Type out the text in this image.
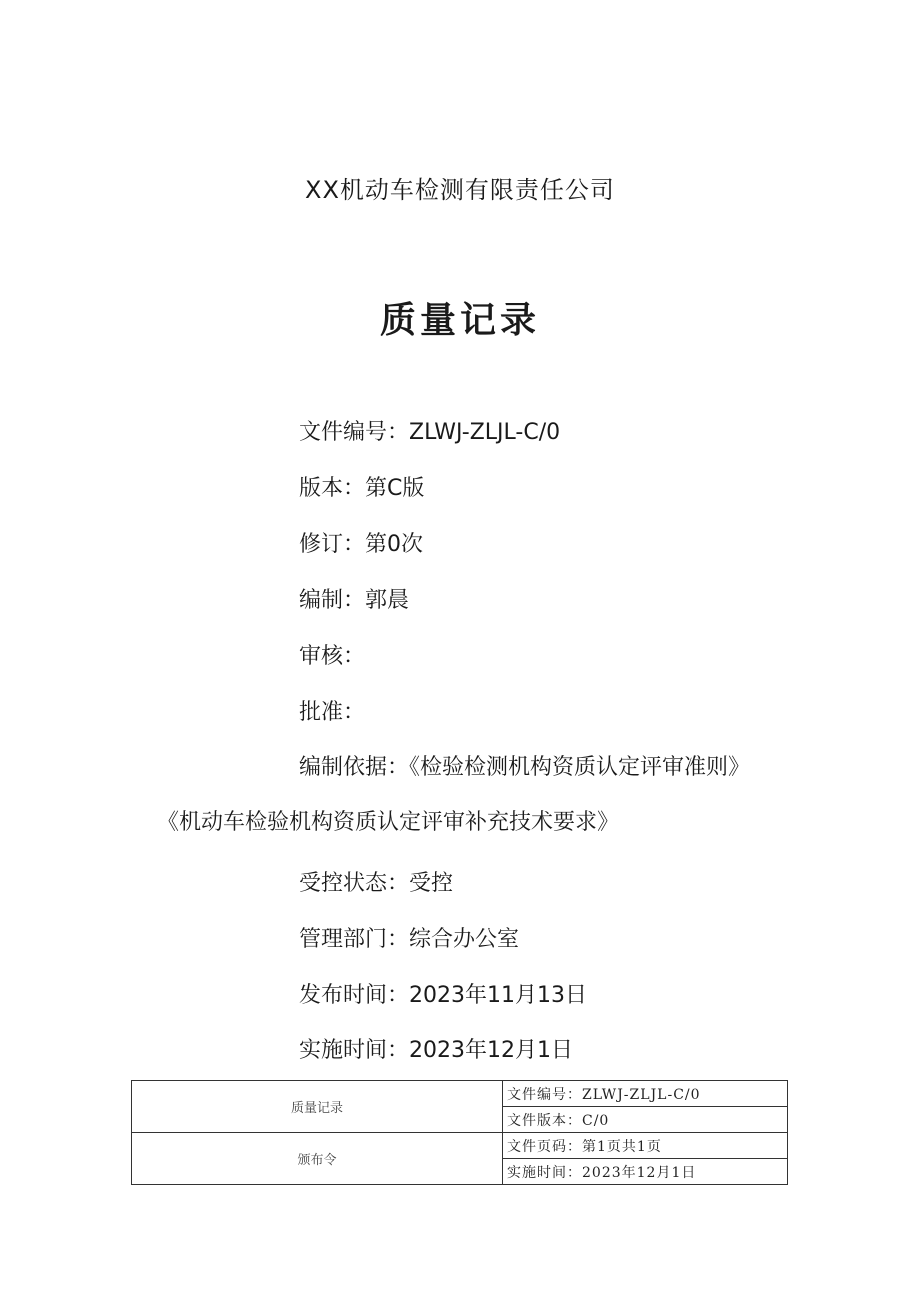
XX机动车检测有限责任公司
质量记录
文件编号：ZLWJ-ZLJL-C/0
版本：第C版
修订：第0次
编制：郭晨
审核：
批准：
编制依据：《检验检测机构资质认定评审准则》
《机动车检验机构资质认定评审补充技术要求》
受控状态：受控
管理部门：综合办公室
发布时间：2023年11月13日
实施时间：2023年12月1日
质量记录	文件编号：ZLWJ-ZLJL-C/0
	文件版本：C/0
颁布令	文件页码：第1页共1页
	实施时间：2023年12月1日
